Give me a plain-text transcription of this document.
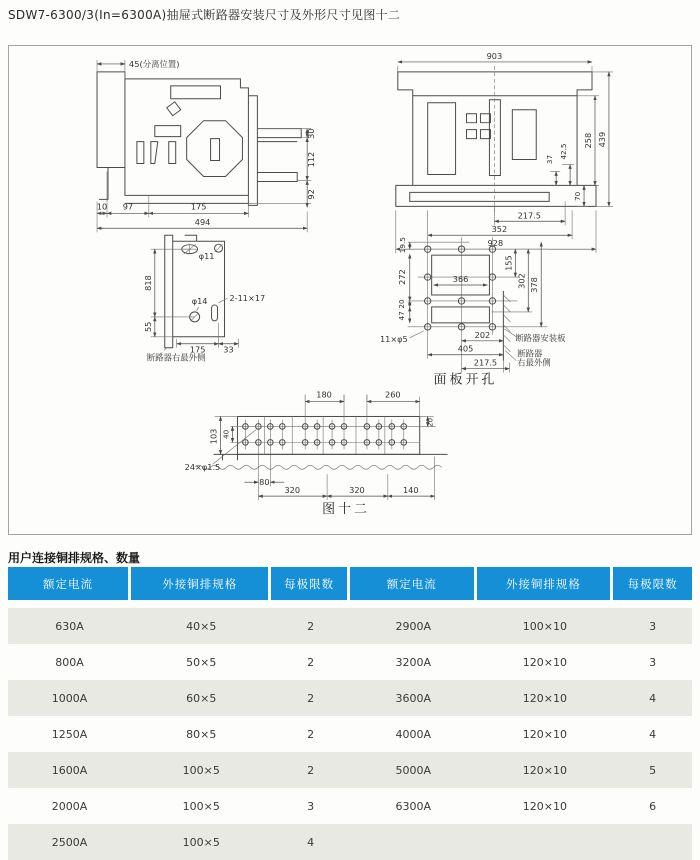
SDW7-6300/3(In=6300A)抽屉式断路器安装尺寸及外形尺寸见图十二
45(分离位置)
30
112
92
10 97	175
494
903
258 439
37 42.5
70
217.5
352
928
818
55
175 33
φ11
φ14	2-11×17
断路器右最外侧
19.5
272
20
47
366
155
302 378
202
405
217.5
11×φ5	断路器安装板
断路器
右最外侧
面板开孔
180	260
103 40
20
24×φ1.5
80
320	320	140
图十二
用户连接铜排规格、数量
额定电流	外接铜排规格	每极限数	额定电流	外接铜排规格	每极限数
630A	40×5	2	2900A	100×10	3
800A	50×5	2	3200A	120×10	3
1000A	60×5	2	3600A	120×10	4
1250A	80×5	2	4000A	120×10	4
1600A	100×5	2	5000A	120×10	5
2000A	100×5	3	6300A	120×10	6
2500A	100×5	4
